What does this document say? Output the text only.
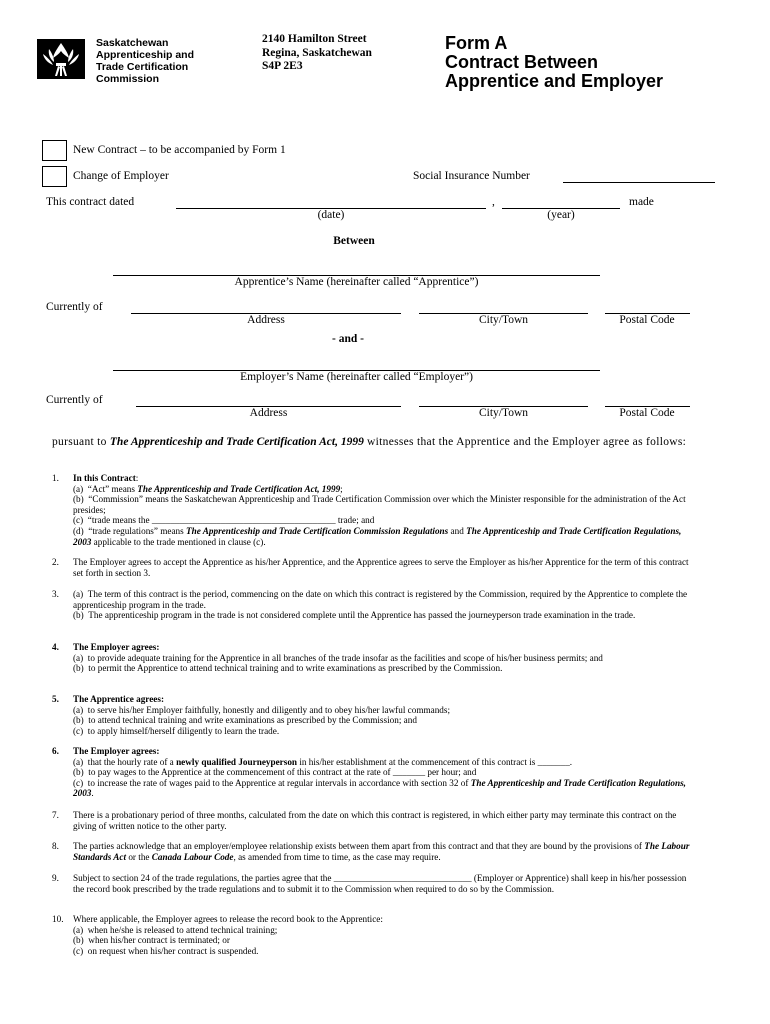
Saskatchewan
Apprenticeship and
Trade Certification
Commission
2140 Hamilton Street
Regina, Saskatchewan
S4P 2E3
Form A
Contract Between
Apprentice and Employer
New Contract – to be accompanied by Form 1
Change of Employer	Social Insurance Number
This contract dated	,	made
(date)	(year)
Between
Apprentice’s Name (hereinafter called “Apprentice”)
Currently of
Address	City/Town	Postal Code
- and -
Employer’s Name (hereinafter called “Employer”)
Currently of
Address	City/Town	Postal Code
pursuant to The Apprenticeship and Trade Certification Act, 1999 witnesses that the Apprentice and the Employer agree as follows:
1. In this Contract:
(a)  “Act” means The Apprenticeship and Trade Certification Act, 1999;
(b)  “Commission” means the Saskatchewan Apprenticeship and Trade Certification Commission over which the Minister responsible for the administration of the Act presides;
(c)  “trade means the ________________________________________ trade; and
(d)  “trade regulations” means The Apprenticeship and Trade Certification Commission Regulations and The Apprenticeship and Trade Certification Regulations, 2003 applicable to the trade mentioned in clause (c).
2. The Employer agrees to accept the Apprentice as his/her Apprentice, and the Apprentice agrees to serve the Employer as his/her Apprentice for the term of this contract set forth in section 3.
3. (a)  The term of this contract is the period, commencing on the date on which this contract is registered by the Commission, required by the Apprentice to complete the apprenticeship program in the trade.
(b)  The apprenticeship program in the trade is not considered complete until the Apprentice has passed the journeyperson trade examination in the trade.
4. The Employer agrees:
(a)  to provide adequate training for the Apprentice in all branches of the trade insofar as the facilities and scope of his/her business permits; and
(b)  to permit the Apprentice to attend technical training and to write examinations as prescribed by the Commission.
5. The Apprentice agrees:
(a)  to serve his/her Employer faithfully, honestly and diligently and to obey his/her lawful commands;
(b)  to attend technical training and write examinations as prescribed by the Commission; and
(c)  to apply himself/herself diligently to learn the trade.
6. The Employer agrees:
(a)  that the hourly rate of a newly qualified Journeyperson in his/her establishment at the commencement of this contract is _______.
(b)  to pay wages to the Apprentice at the commencement of this contract at the rate of _______ per hour; and
(c)  to increase the rate of wages paid to the Apprentice at regular intervals in accordance with section 32 of The Apprenticeship and Trade Certification Regulations, 2003.
7. There is a probationary period of three months, calculated from the date on which this contract is registered, in which either party may terminate this contract on the giving of written notice to the other party.
8. The parties acknowledge that an employer/employee relationship exists between them apart from this contract and that they are bound by the provisions of The Labour Standards Act or the Canada Labour Code, as amended from time to time, as the case may require.
9. Subject to section 24 of the trade regulations, the parties agree that the ______________________________ (Employer or Apprentice) shall keep in his/her possession the record book prescribed by the trade regulations and to submit it to the Commission when required to do so by the Commission.
10. Where applicable, the Employer agrees to release the record book to the Apprentice:
(a)  when he/she is released to attend technical training;
(b)  when his/her contract is terminated; or
(c)  on request when his/her contract is suspended.
